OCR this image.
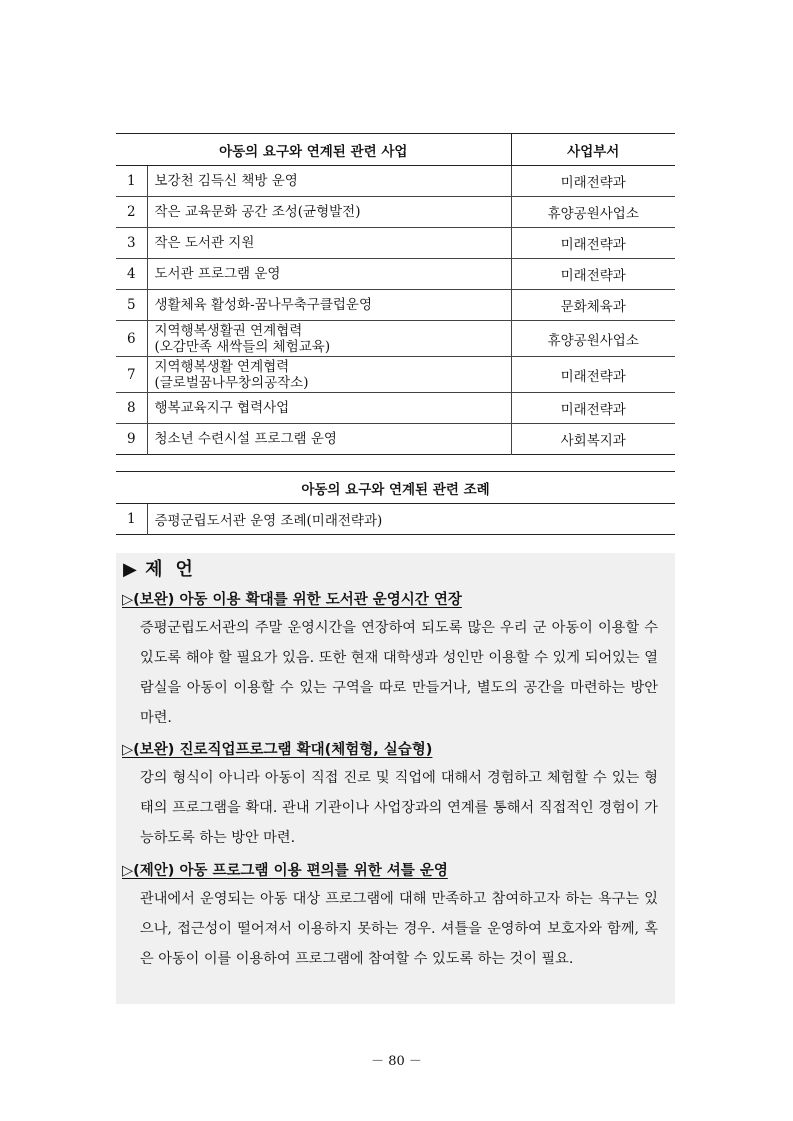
아동의 요구와 연계된 관련 사업		사업부서
1	보강천 김득신 책방 운영	미래전략과
2	작은 교육문화 공간 조성(균형발전)	휴양공원사업소
3	작은 도서관 지원	미래전략과
4	도서관 프로그램 운영	미래전략과
5	생활체육 활성화-꿈나무축구클럽운영	문화체육과
6	지역행복생활권 연계협력
(오감만족 새싹들의 체험교육)	휴양공원사업소
7	지역행복생활 연계협력
(글로벌꿈나무창의공작소)	미래전략과
8	행복교육지구 협력사업	미래전략과
9	청소년 수련시설 프로그램 운영	사회복지과
아동의 요구와 연계된 관련 조례
1	증평군립도서관 운영 조례(미래전략과)
▶ 제 언
▷(보완) 아동 이용 확대를 위한 도서관 운영시간 연장
증평군립도서관의 주말 운영시간을 연장하여 되도록 많은 우리 군 아동이 이용할 수 있도록 해야 할 필요가 있음. 또한 현재 대학생과 성인만 이용할 수 있게 되어있는 열람실을 아동이 이용할 수 있는 구역을 따로 만들거나, 별도의 공간을 마련하는 방안 마련.
▷(보완) 진로직업프로그램 확대(체험형, 실습형)
강의 형식이 아니라 아동이 직접 진로 및 직업에 대해서 경험하고 체험할 수 있는 형태의 프로그램을 확대. 관내 기관이나 사업장과의 연계를 통해서 직접적인 경험이 가능하도록 하는 방안 마련.
▷(제안) 아동 프로그램 이용 편의를 위한 셔틀 운영
관내에서 운영되는 아동 대상 프로그램에 대해 만족하고 참여하고자 하는 욕구는 있으나, 접근성이 떨어져서 이용하지 못하는 경우. 셔틀을 운영하여 보호자와 함께, 혹은 아동이 이를 이용하여 프로그램에 참여할 수 있도록 하는 것이 필요.
－ 80 －
